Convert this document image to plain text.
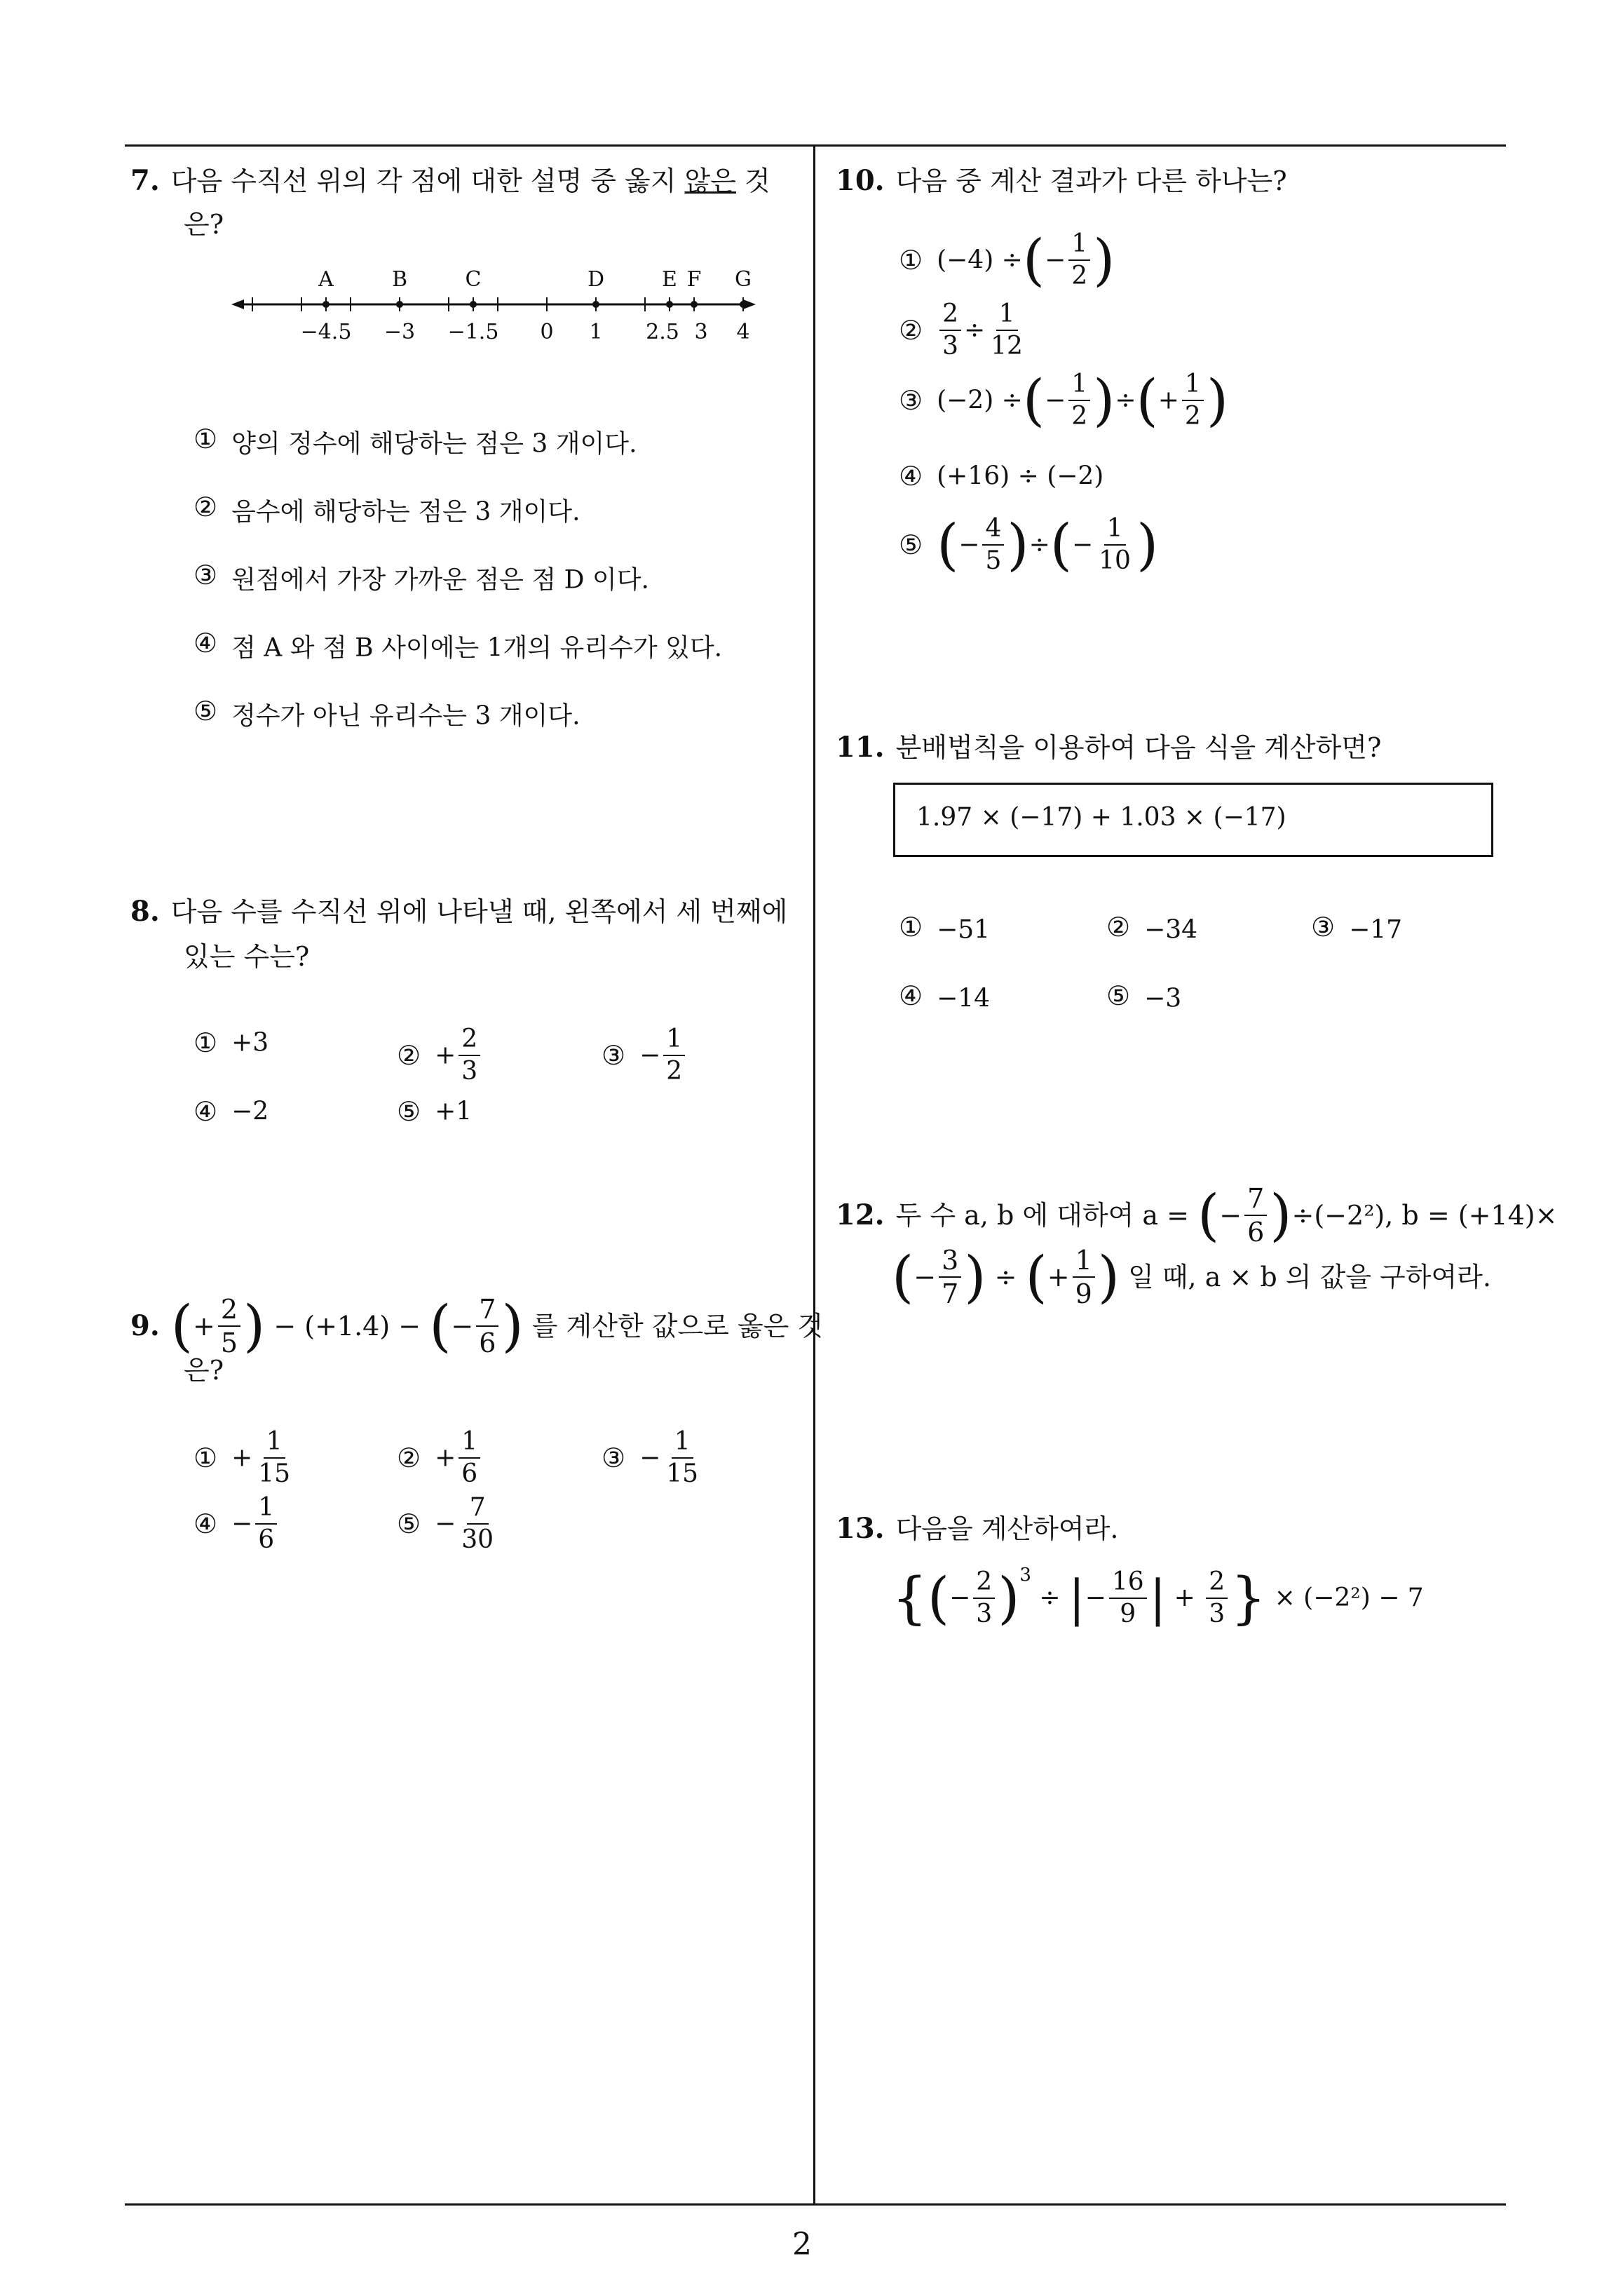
2
7. 다음 수직선 위의 각 점에 대한 설명 중 옳지 않은 것
은?
−4.5 −3 −1.5 0 1 2.5 3 4
A	B	C	D	E F G
① 양의 정수에 해당하는 점은 3 개이다.
② 음수에 해당하는 점은 3 개이다.
③ 원점에서 가장 가까운 점은 점 D 이다.
④ 점 A 와 점 B 사이에는 1개의 유리수가 있다.
⑤ 정수가 아닌 유리수는 3 개이다.
8. 다음 수를 수직선 위에 나타낼 때, 왼쪽에서 세 번째에
있는 수는?
① +3	② + $\frac{2}{3}$	③ − $\frac{1}{2}$
④ −2	⑤ +1
9. (+ $\frac{2}{5}$ ) − (+1.4) − (− $\frac{7}{6}$ ) 를 계산한 값으로 옳은 것
은?
① + $\frac{1}{15}$	② + $\frac{1}{6}$	③ − $\frac{1}{15}$
④ − $\frac{1}{6}$	⑤ − $\frac{7}{30}$
10. 다음 중 계산 결과가 다른 하나는?
① (−4) ÷(− $\frac{1}{2}$ )
② $\frac{2}{3} \div \frac{1}{12}$
③ (−2) ÷(− $\frac{1}{2}$ )÷(+ $\frac{1}{2}$ )
④ (+16) ÷ (−2)
⑤ (− $\frac{4}{5}$ )÷(− $\frac{1}{10}$ )
11. 분배법칙을 이용하여 다음 식을 계산하면?
1.97 × (−17) + 1.03 × (−17)
① −51	② −34	③ −17
④ −14	⑤ −3
12. 두 수 a, b 에 대하여 a = (− $\frac{7}{6} )\div(-2^2)$, b = (+14)×
(− $\frac{3}{7}$ ) ÷ (+ $\frac{1}{9}$ ) 일 때, a × b 의 값을 구하여라.
13. 다음을 계산하여라.
{(− $\frac{2}{3} )^3$ ÷ |− $\frac{16}{9}$ | + $\frac{2}{3}$ } × (−2²) − 7
